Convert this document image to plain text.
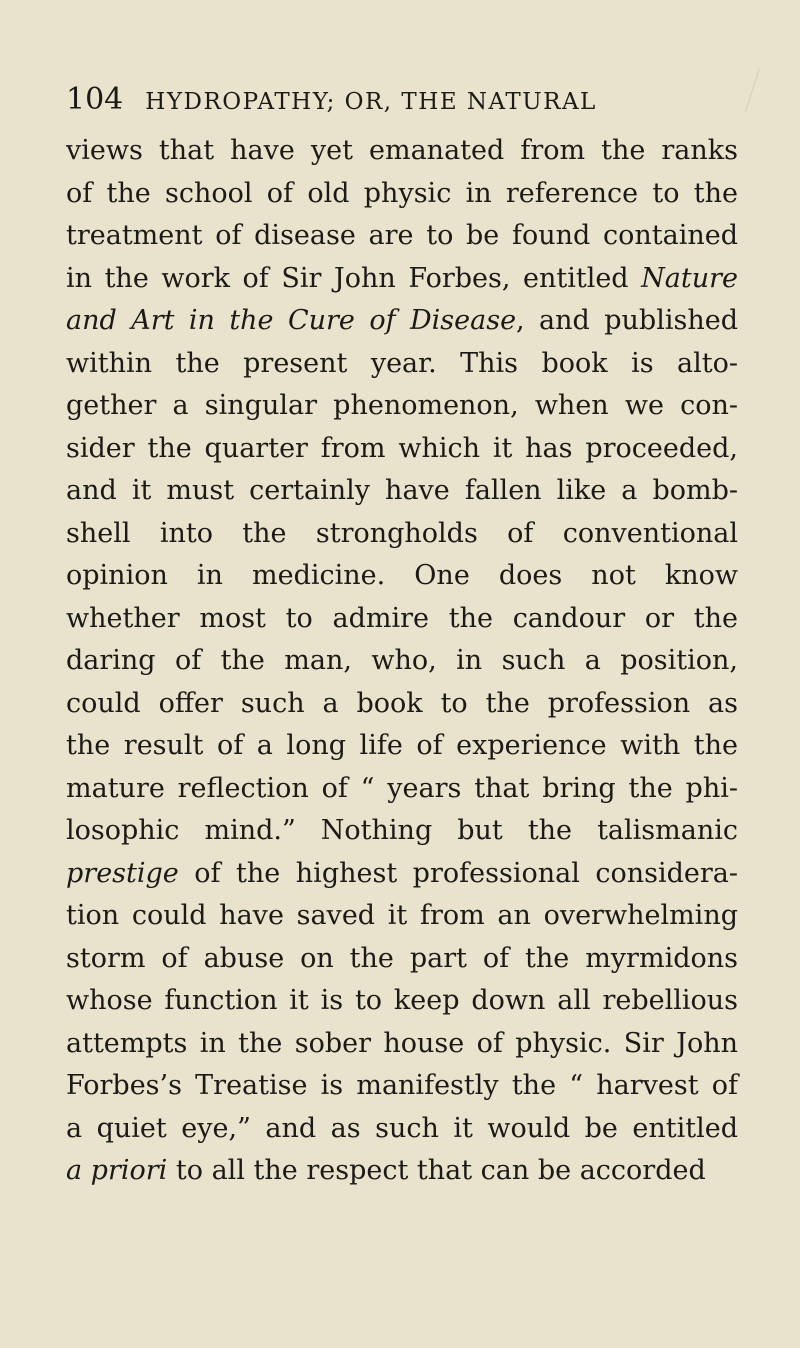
104 HYDROPATHY; OR, THE NATURAL
views that have yet emanated from the ranks
of the school of old physic in reference to the
treatment of disease are to be found contained
in the work of Sir John Forbes, entitled Nature
and Art in the Cure of Disease, and published
within the present year. This book is alto-
gether a singular phenomenon, when we con-
sider the quarter from which it has proceeded,
and it must certainly have fallen like a bomb-
shell into the strongholds of conventional
opinion in medicine. One does not know
whether most to admire the candour or the
daring of the man, who, in such a position,
could offer such a book to the profession as
the result of a long life of experience with the
mature reflection of “ years that bring the phi-
losophic mind.” Nothing but the talismanic
prestige of the highest professional considera-
tion could have saved it from an overwhelming
storm of abuse on the part of the myrmidons
whose function it is to keep down all rebellious
attempts in the sober house of physic. Sir John
Forbes’s Treatise is manifestly the “ harvest of
a quiet eye,” and as such it would be entitled
a priori to all the respect that can be accorded
